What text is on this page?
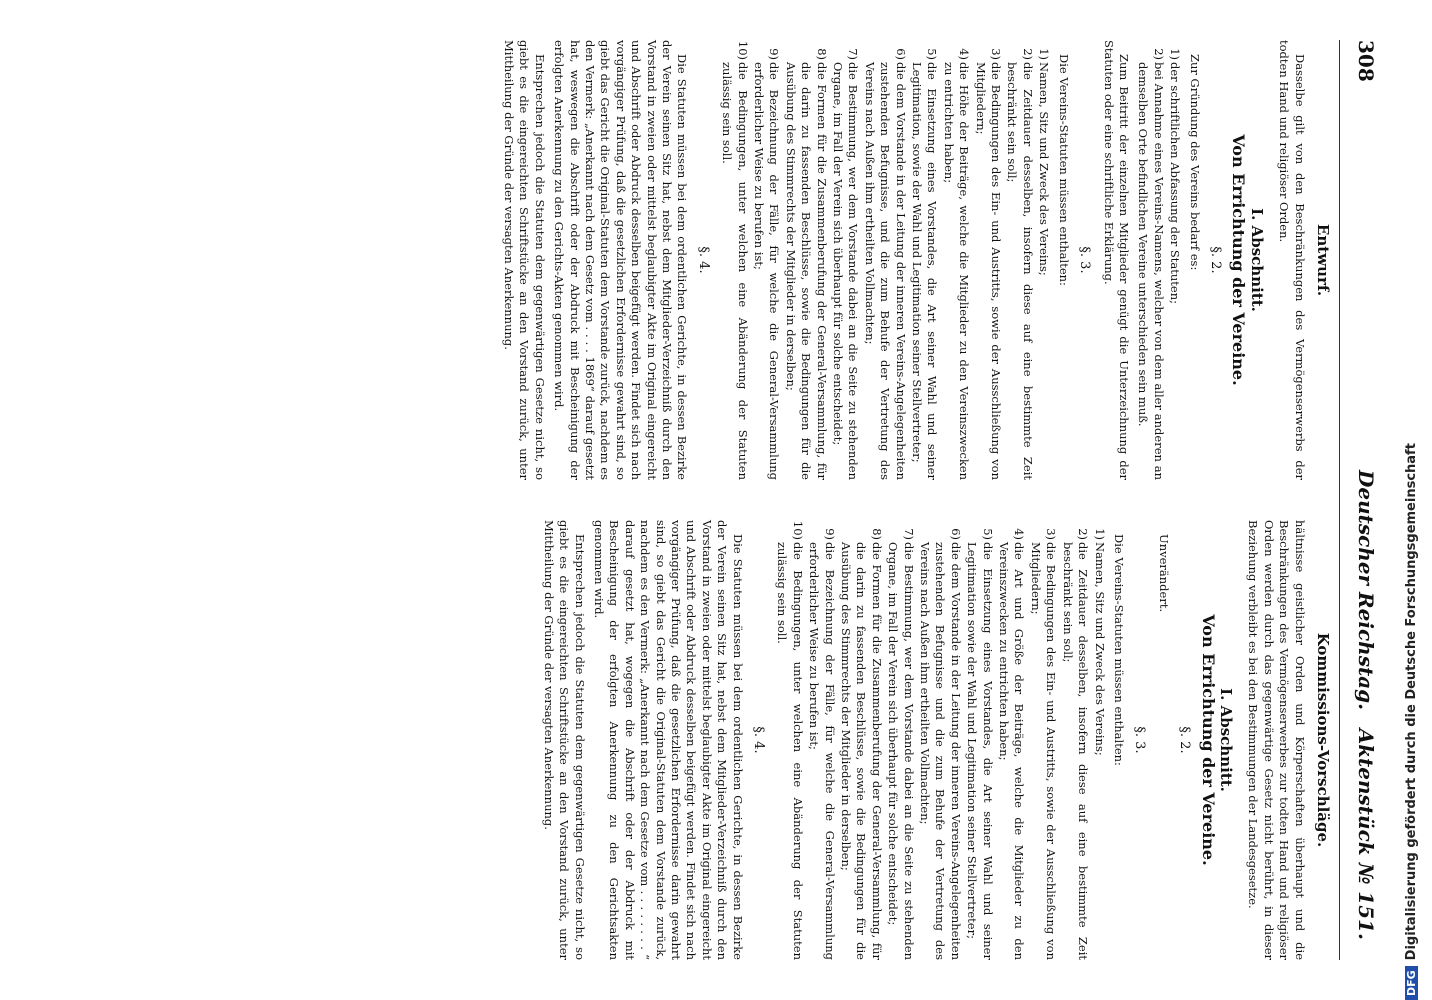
308
Deutscher Reichstag.
Aktenstück № 151.
Entwurf.

Dasselbe gilt von den Beschränkungen des Vermögenserwerbs der todten Hand und religiöser Orden.

I. Abschnitt.
Von Errichtung der Vereine.
§. 2.

Zur Gründung des Vereins bedarf es:

1)
der schriftlichen Abfassung der Statuten;
2)
bei Annahme eines Vereins-Namens, welcher von dem aller anderen an demselben Orte befindlichen Vereine unterschieden sein muß.

Zum Beitritt der einzelnen Mitglieder genügt die Unterzeichnung der Statuten oder eine schriftliche Erklärung.

§. 3.

Die Vereins-Statuten müssen enthalten:

1)
Namen, Sitz und Zweck des Vereins;
2)
die Zeitdauer desselben, insofern diese auf eine bestimmte Zeit beschränkt sein soll;
3)
die Bedingungen des Ein- und Austritts, sowie der Ausschließung von Mitgliedern;
4)
die Höhe der Beiträge, welche die Mitglieder zu den Vereinszwecken zu entrichten haben;
5)
die Einsetzung eines Vorstandes, die Art seiner Wahl und seiner Legitimation, sowie der Wahl und Legitimation seiner Stellvertreter;
6)
die dem Vorstande in der Leitung der inneren Vereins-Angelegenheiten zustehenden Befugnisse, und die zum Behufe der Vertretung des Vereins nach Außen ihm ertheilten Vollmachten;
7)
die Bestimmung, wer dem Vorstande dabei an die Seite zu stehenden Organe, im Fall der Verein sich überhaupt für solche entscheidet;
8)
die Formen für die Zusammenberufung der General-Versammlung, für die darin zu fassenden Beschlüsse, sowie die Bedingungen für die Ausübung des Stimmrechts der Mitglieder in derselben;
9)
die Bezeichnung der Fälle, für welche die General-Versammlung erforderlicher Weise zu berufen ist;
10)
die Bedingungen, unter welchen eine Abänderung der Statuten zulässig sein soll.
§. 4.

Die Statuten müssen bei dem ordentlichen Gerichte, in dessen Bezirke der Verein seinen Sitz hat, nebst dem Mitglieder-Verzeichniß durch den Vorstand in zweien oder mittelst beglaubigter Akte im Original eingereicht und Abschrift oder Abdruck desselben beigefügt werden. Findet sich nach vorgängiger Prüfung, daß die gesetzlichen Erfordernisse gewahrt sind, so giebt das Gericht die Original-Statuten dem Vorstande zurück, nachdem es den Vermerk: „Anerkannt nach dem Gesetz vom . . . . 1869“ darauf gesetzt hat, weswegen die Abschrift oder der Abdruck mit Bescheinigung der erfolgten Anerkennung zu den Gerichts-Akten genommen wird.

Entsprechen jedoch die Statuten dem gegenwärtigen Gesetze nicht, so giebt es die eingereichten Schriftstücke an den Vorstand zurück, unter Mittheilung der Gründe der versagten Anerkennung.

Kommissions-Vorschläge.

hältnisse geistlicher Orden und Körperschaften überhaupt und die Beschränkungen des Vermögenserwerbes zur todten Hand und religiöser Orden werden durch das gegenwärtige Gesetz nicht berührt, in dieser Beziehung verbleibt es bei den Bestimmungen der Landesgesetze.

I. Abschnitt.
Von Errichtung der Vereine.
§. 2.

Unverändert.

§. 3.

Die Vereins-Statuten müssen enthalten:

1)
Namen, Sitz und Zweck des Vereins;
2)
die Zeitdauer desselben, insofern diese auf eine bestimmte Zeit beschränkt sein soll;
3)
die Bedingungen des Ein- und Austritts, sowie der Ausschließung von Mitgliedern;
4)
die Art und Größe der Beiträge, welche die Mitglieder zu den Vereinszwecken zu entrichten haben;
5)
die Einsetzung eines Vorstandes, die Art seiner Wahl und seiner Legitimation sowie der Wahl und Legitimation seiner Stellvertreter;
6)
die dem Vorstande in der Leitung der inneren Vereins-Angelegenheiten zustehenden Befugnisse und die zum Behufe der Vertretung des Vereins nach Außen ihm ertheilten Vollmachten;
7)
die Bestimmung, wer dem Vorstande dabei an die Seite zu stehenden Organe, im Fall der Verein sich überhaupt für solche entscheidet;
8)
die Formen für die Zusammenberufung der General-Versammlung, für die darin zu fassenden Beschlüsse, sowie die Bedingungen für die Ausübung des Stimmrechts der Mitglieder in derselben;
9)
die Bezeichnung der Fälle, für welche die General-Versammlung erforderlicher Weise zu berufen ist;
10)
die Bedingungen, unter welchen eine Abänderung der Statuten zulässig sein soll.
§. 4.

Die Statuten müssen bei dem ordentlichen Gerichte, in dessen Bezirke der Verein seinen Sitz hat, nebst dem Mitglieder-Verzeichniß durch den Vorstand in zweien oder mittelst beglaubigter Akte im Original eingereicht und Abschrift oder Abdruck desselben beigefügt werden. Findet sich nach vorgängiger Prüfung, daß die gesetzlichen Erfordernisse darin gewahrt sind, so giebt das Gericht die Original-Statuten dem Vorstande zurück, nachdem es den Vermerk: „Anerkannt nach dem Gesetze vom . . . . . . . . “ darauf gesetzt hat, wogegen die Abschrift oder der Abdruck mit Bescheinigung der erfolgten Anerkennung zu den Gerichtsakten genommen wird.

Entsprechen jedoch die Statuten dem gegenwärtigen Gesetze nicht, so giebt es die eingereichten Schriftstücke an den Vorstand zurück, unter Mittheilung der Gründe der versagten Anerkennung.

DFGDigitalisierung gefördert durch die Deutsche Forschungsgemeinschaft
